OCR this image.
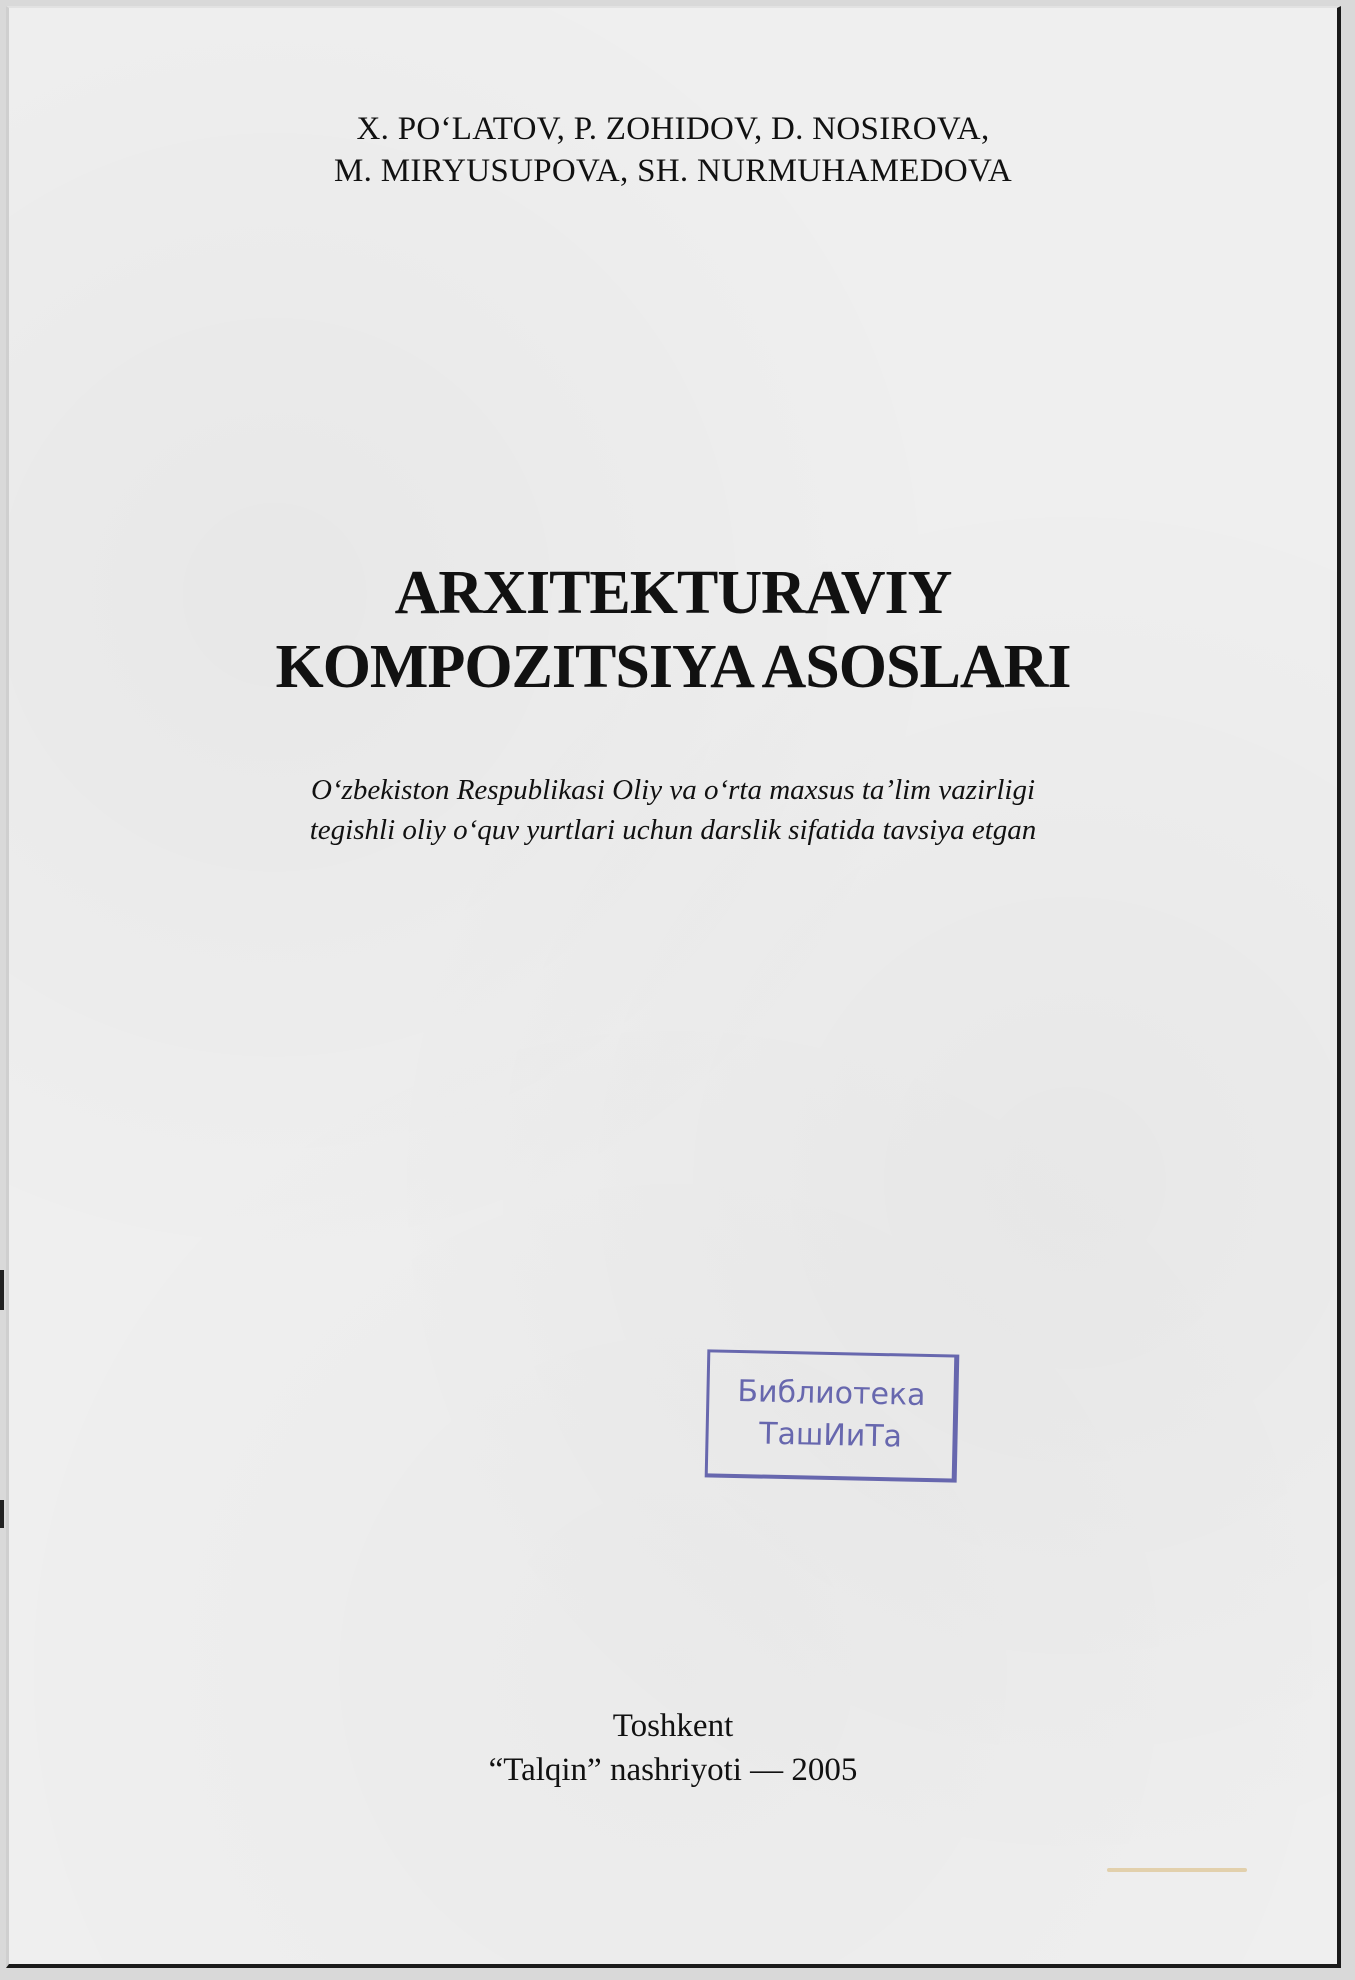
X. PO‘LATOV, P. ZOHIDOV, D. NOSIROVA,
M. MIRYUSUPOVA, SH. NURMUHAMEDOVA
ARXITEKTURAVIY
KOMPOZITSIYA ASOSLARI
O‘zbekiston Respublikasi Oliy va o‘rta maxsus ta’lim vazirligi
tegishli oliy o‘quv yurtlari uchun darslik sifatida tavsiya etgan
Библиотека
ТашИиТа
Toshkent
“Talqin” nashriyoti — 2005
